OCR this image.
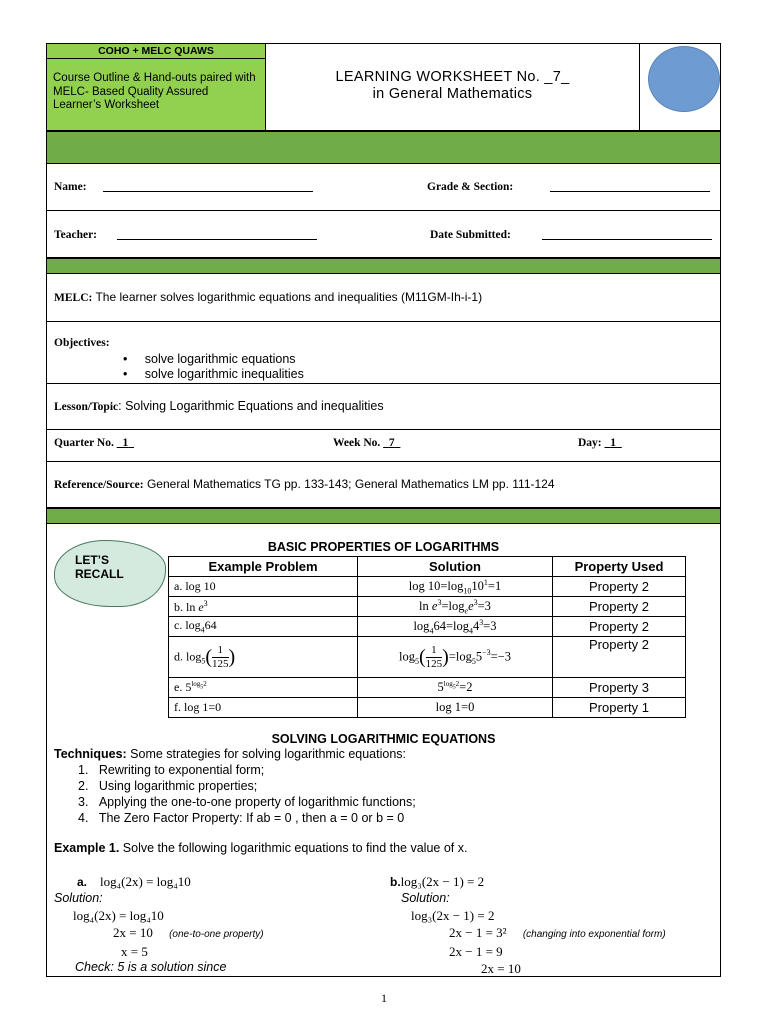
COHO + MELC QUAWS
Course Outline & Hand-outs paired with MELC- Based Quality Assured Learner’s Worksheet
LEARNING WORKSHEET No. _7_
in General Mathematics
Name:	Grade & Section:
Teacher:	Date Submitted:
MELC: The learner solves logarithmic equations and inequalities (M11GM-Ih-i-1)
Objectives:
•     solve logarithmic equations
•     solve logarithmic inequalities
Lesson/Topic: Solving Logarithmic Equations and inequalities
Quarter No. 1	Week No. 7	Day: 1
Reference/Source: General Mathematics TG pp. 133-143; General Mathematics LM pp. 111-124
LET’S RECALL
BASIC PROPERTIES OF LOGARITHMS
Example Problem	Solution	Property Used
a. log 10	$\log 10=\log_{10}10^1=1$	Property 2
b. $\ln e^3$	$\ln e^3=\log_ee^3=3$	Property 2
c. $\log_464$	$\log_464=\log_44^3=3$	Property 2
d. $\log_5( \frac{1}{125}$ )	$\log_5( \frac{1}{125} )=\log_55^{-3}=-3$	Property 2
e. $5^{log_52}$	$5^{log_52}=2$	Property 3
f. log 1=0	log 1=0	Property 1
SOLVING LOGARITHMIC EQUATIONS
Techniques: Some strategies for solving logarithmic equations:
1.   Rewriting to exponential form;
2.   Using logarithmic properties;
3.   Applying the one-to-one property of logarithmic functions;
4.   The Zero Factor Property: If ab = 0 , then a = 0 or b = 0
Example 1. Solve the following logarithmic equations to find the value of x.
a. log₄(2x) = log₄10
Solution:
log₄(2x) = log₄10
2x = 10 (one-to-one property)
x = 5
Check: 5 is a solution since
b.log₃(2x − 1) = 2
Solution:
log₃(2x − 1) = 2
2x − 1 = 3² (changing into exponential form)
2x − 1 = 9
2x = 10
1
